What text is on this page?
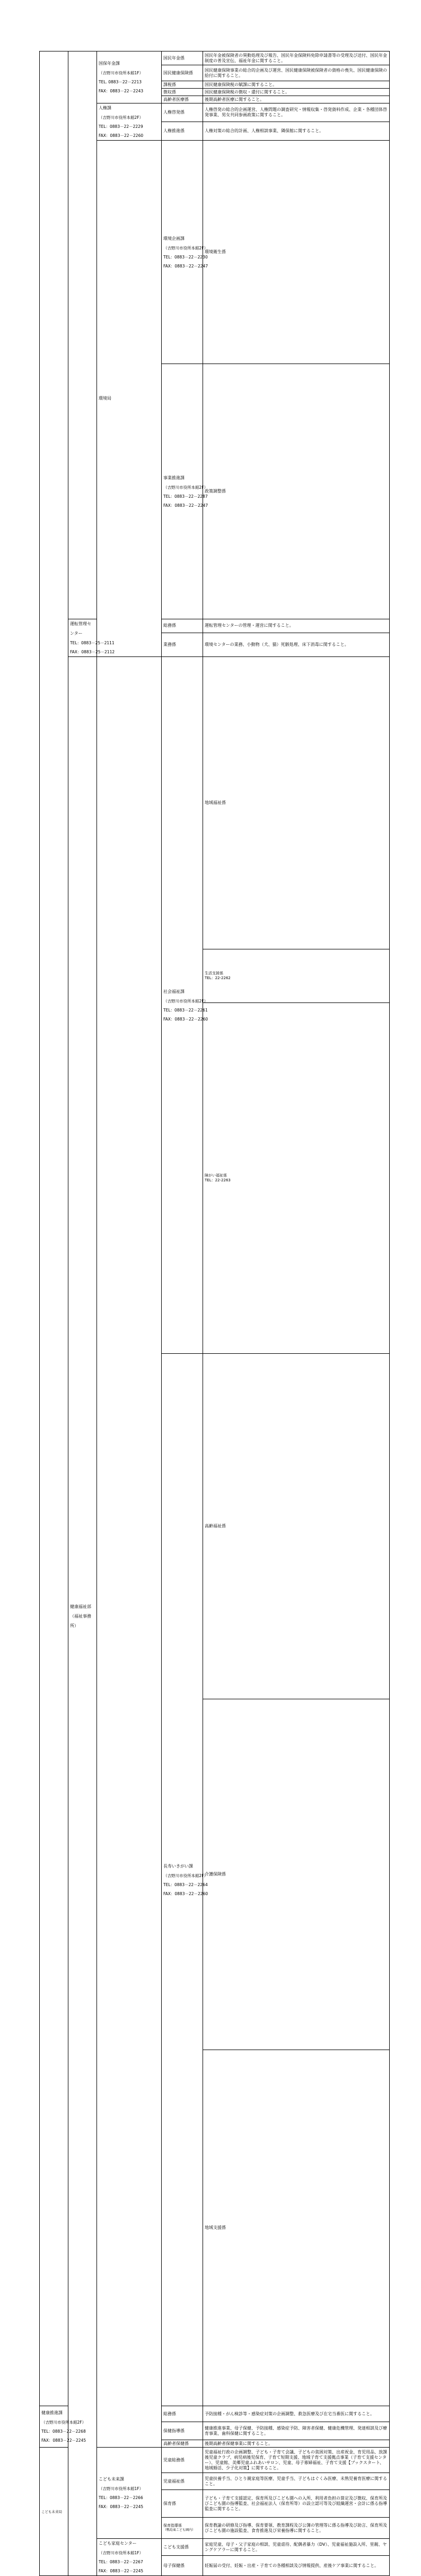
		国保年金課
（吉野川市役所本館1F）
TEL. 0883－22－2213
FAX：0883－22－2243	国民年金係	国民年金被保険者の異動処理及び報告、国民年金保険料免除申請書等の受理及び送付、国民年金制度の普及宣伝、福祉年金に関すること。	
			国民健康保険係	国民健康保険事業の総合的企画及び運営、国民健康保険被保険者の資格の喪失、国民健康保険の給付に関すること。	
			課税係	国民健康保険税の賦課に関すること。	
			徴収係	国民健康保険税の徴収・還付に関すること。	
			高齢者医療係	後期高齢者医療に関すること。	

		人権課
（吉野川市役所本館2F）
TEL：0883－22－2229
FAX：0883－22－2260	人権啓発係	人権啓発の総合的企画運営、人権問題の調査研究・情報収集・啓発資料作成、企業・各種団体啓発事業、男女共同参画政策に関すること。	
			人権推進係	人権対策の総合的計画、人権相談事業、隣保館に関すること。	

		環境局	環境企画課
（吉野川市役所本館2F）
TEL：0883－22－2230
FAX：0883－22－2247	環境衛生係	

			事業推進課
（吉野川市役所本館2F）
TEL：0883－22－2287
FAX：0883－22－2247	政策調整係	

	運転管理センター
TEL：0883－25－2111
FAX：0883－25－2112		総務係	運転管理センターの管理・運営に関すること。	
			業務係	環境センターの業務、小動物（犬、猫）死骸処理、床下消毒に関すること。	

	健康福祉部
（福祉事務所）		社会福祉課
（吉野川市役所本館2F）
TEL：0883－22－2261
FAX：0883－22－2260	地域福祉係	

				生活支援係
TEL：22-2262

				障がい福祉係
TEL：22-2263

			長寿いきがい課
（吉野川市役所本館2F）
TEL：0883－22－2264
FAX：0883－22－2260	高齢福祉係	
				介護保険係	
				地域支援係	

健康推進課
（吉野川市役所本館2F）
TEL：0883－22－2268
FAX：0883－22－2245			総務係	予防接種・がん検診等・感染症対策の企画調整、救急医療及び在宅当番医に関すること。	
			保健指導係	健康推進事業、母子保健、予防接種、感染症予防、障害者保健、健康危機管理、発達相談及び療育事業、歯科保健に関すること。	
			高齢者保健係	後期高齢者保健事業に関すること。	

こども未来局		こども未来課
（吉野川市役所本館1F）
TEL：0883－22－2266
FAX：0883－22－2245	児童総務係	児童福祉行政の企画調整、子ども・子育て会議、子どもの貧困対策、出産祝金、育児用品、放課後児童クラブ、病児病後児保育、子育て短期支援、地域子育て支援拠点事業（子育て支援センター）、児童館、美郷児童ふれあいサロン、児童、母子寡婦福祉、子育て支援【ブックスタート、地域婚活、少子化対策】に関すること。	
			児童福祉係	児童扶養手当、ひとり親家庭等医療、児童手当、子どもはぐくみ医療、未熟児養育医療に関すること。	
			保育係	子ども・子育て支援認定、保育所及びこども園への入所、利用者負担の算定及び徴収、保育所及びこども園の指導監査、社会福祉法人（保育所等）の設立認可等及び組織運営・会計に係る指導監査に関すること。	

			保育指導係
（鴨島東こども園内）	保育教諭の研修及び指導、保育要領、教育課程及び公簿の管理等に係る指導及び助言、保育所及びこども園の施設監査、食育推進及び栄養指導に関すること。	

		こども家庭センター
（吉野川市役所本館1F）
TEL：0883－22－2267
FAX：0883－22－2245	こども支援係	家庭児童、母子・父子家庭の相談、児童虐待、配偶者暴力（DV）、児童福祉施設入所、里親、ヤングケアラーに関すること。	
			母子保健係	妊娠届の受付、妊娠・出産・子育ての各種相談及び情報提供、産後ケア事業に関すること。	
